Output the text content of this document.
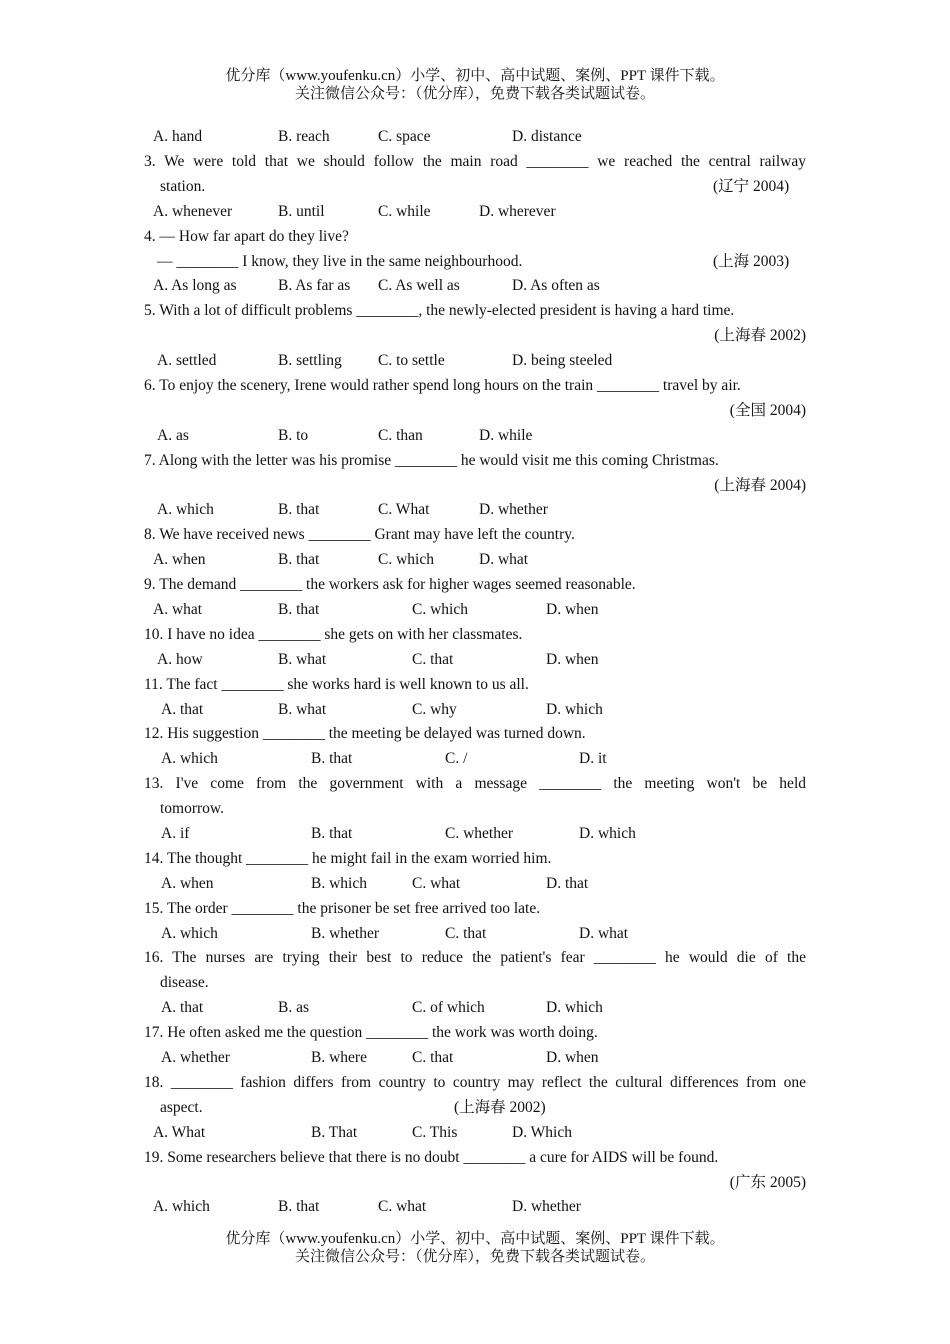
优分库（www.youfenku.cn）小学、初中、高中试题、案例、PPT 课件下载。
关注微信公众号：（优分库），免费下载各类试题试卷。
A. hand	B. reach	C. space	D. distance
3. We were told that we should follow the main road ________ we reached the central railway
station.	(辽宁 2004)
A. whenever	B. until	C. while	D. wherever
4. — How far apart do they live?
— ________ I know, they live in the same neighbourhood.	(上海 2003)
A. As long as	B. As far as C. As well as	D. As often as
5. With a lot of difficult problems ________, the newly-elected president is having a hard time.
(上海春 2002)
A. settled	B. settling C. to settle	D. being steeled
6. To enjoy the scenery, Irene would rather spend long hours on the train ________ travel by air.
(全国 2004)
A. as	B. to	C. than	D. while
7. Along with the letter was his promise ________ he would visit me this coming Christmas.
(上海春 2004)
A. which	B. that	C. What	D. whether
8. We have received news ________ Grant may have left the country.
A. when	B. that	C. which	D. what
9. The demand ________ the workers ask for higher wages seemed reasonable.
A. what	B. that	C. which	D. when
10. I have no idea ________ she gets on with her classmates.
A. how	B. what	C. that	D. when
11. The fact ________ she works hard is well known to us all.
A. that	B. what	C. why	D. which
12. His suggestion ________ the meeting be delayed was turned down.
A. which	B. that	C. /	D. it
13. I've come from the government with a message ________ the meeting won't be held
tomorrow.
A. if	B. that	C. whether	D. which
14. The thought ________ he might fail in the exam worried him.
A. when	B. which	C. what	D. that
15. The order ________ the prisoner be set free arrived too late.
A. which	B. whether	C. that	D. what
16. The nurses are trying their best to reduce the patient's fear ________ he would die of the
disease.
A. that	B. as	C. of which	D. which
17. He often asked me the question ________ the work was worth doing.
A. whether	B. where	C. that	D. when
18. ________ fashion differs from country to country may reflect the cultural differences from one
aspect.	(上海春 2002)
A. What	B. That	C. This	D. Which
19. Some researchers believe that there is no doubt ________ a cure for AIDS will be found.
(广东 2005)
A. which	B. that	C. what	D. whether
优分库（www.youfenku.cn）小学、初中、高中试题、案例、PPT 课件下载。
关注微信公众号：（优分库），免费下载各类试题试卷。
